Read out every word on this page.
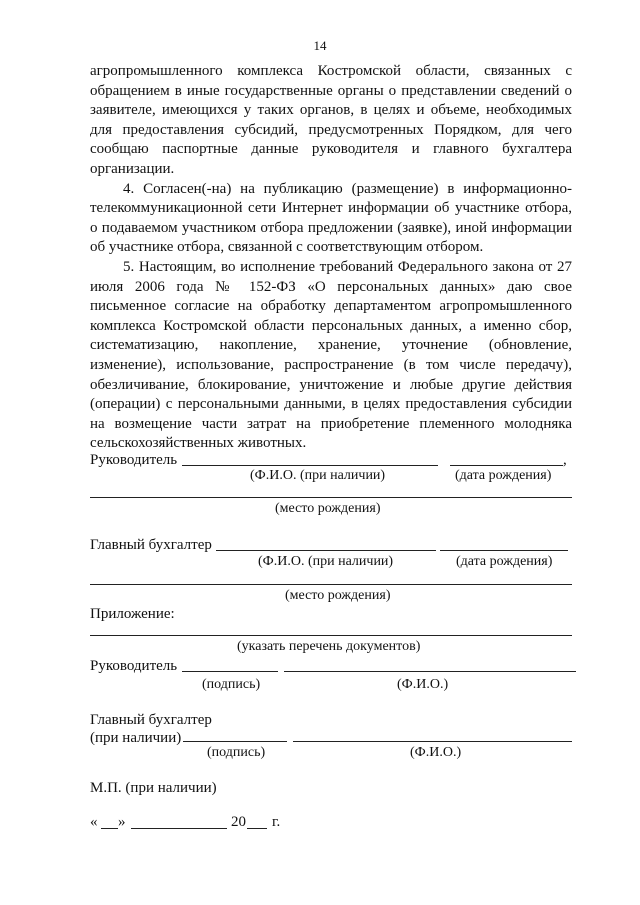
14

агропромышленного комплекса Костромской области, связанных с обращением в иные государственные органы о представлении сведений о заявителе, имеющихся у таких органов, в целях и объеме, необходимых для предоставления субсидий, предусмотренных Порядком, для чего сообщаю паспортные данные руководителя и главного бухгалтера организации.

4. Согласен(-на) на публикацию (размещение) в информационно-телекоммуникационной сети Интернет информации об участнике отбора, о подаваемом участником отбора предложении (заявке), иной информации об участнике отбора, связанной с соответствующим отбором.

5. Настоящим, во исполнение требований Федерального закона от 27 июля 2006 года № 152-ФЗ «О персональных данных» даю свое письменное согласие на обработку департаментом агропромышленного комплекса Костромской области персональных данных, а именно сбор, систематизацию, накопление, хранение, уточнение (обновление, изменение), использование, распространение (в том числе передачу), обезличивание, блокирование, уничтожение и любые другие действия (операции) с персональными данными, в целях предоставления субсидии на возмещение части затрат на приобретение племенного молодняка сельскохозяйственных животных.

Руководитель	,
(Ф.И.О. (при наличии)	(дата рождения)
(место рождения)
Главный бухгалтер
(Ф.И.О. (при наличии)	(дата рождения)
(место рождения)
Приложение:
(указать перечень документов)
Руководитель
(подпись)	(Ф.И.О.)
Главный бухгалтер
(при наличии)
(подпись)	(Ф.И.О.)
М.П. (при наличии)
« »	20 г.
